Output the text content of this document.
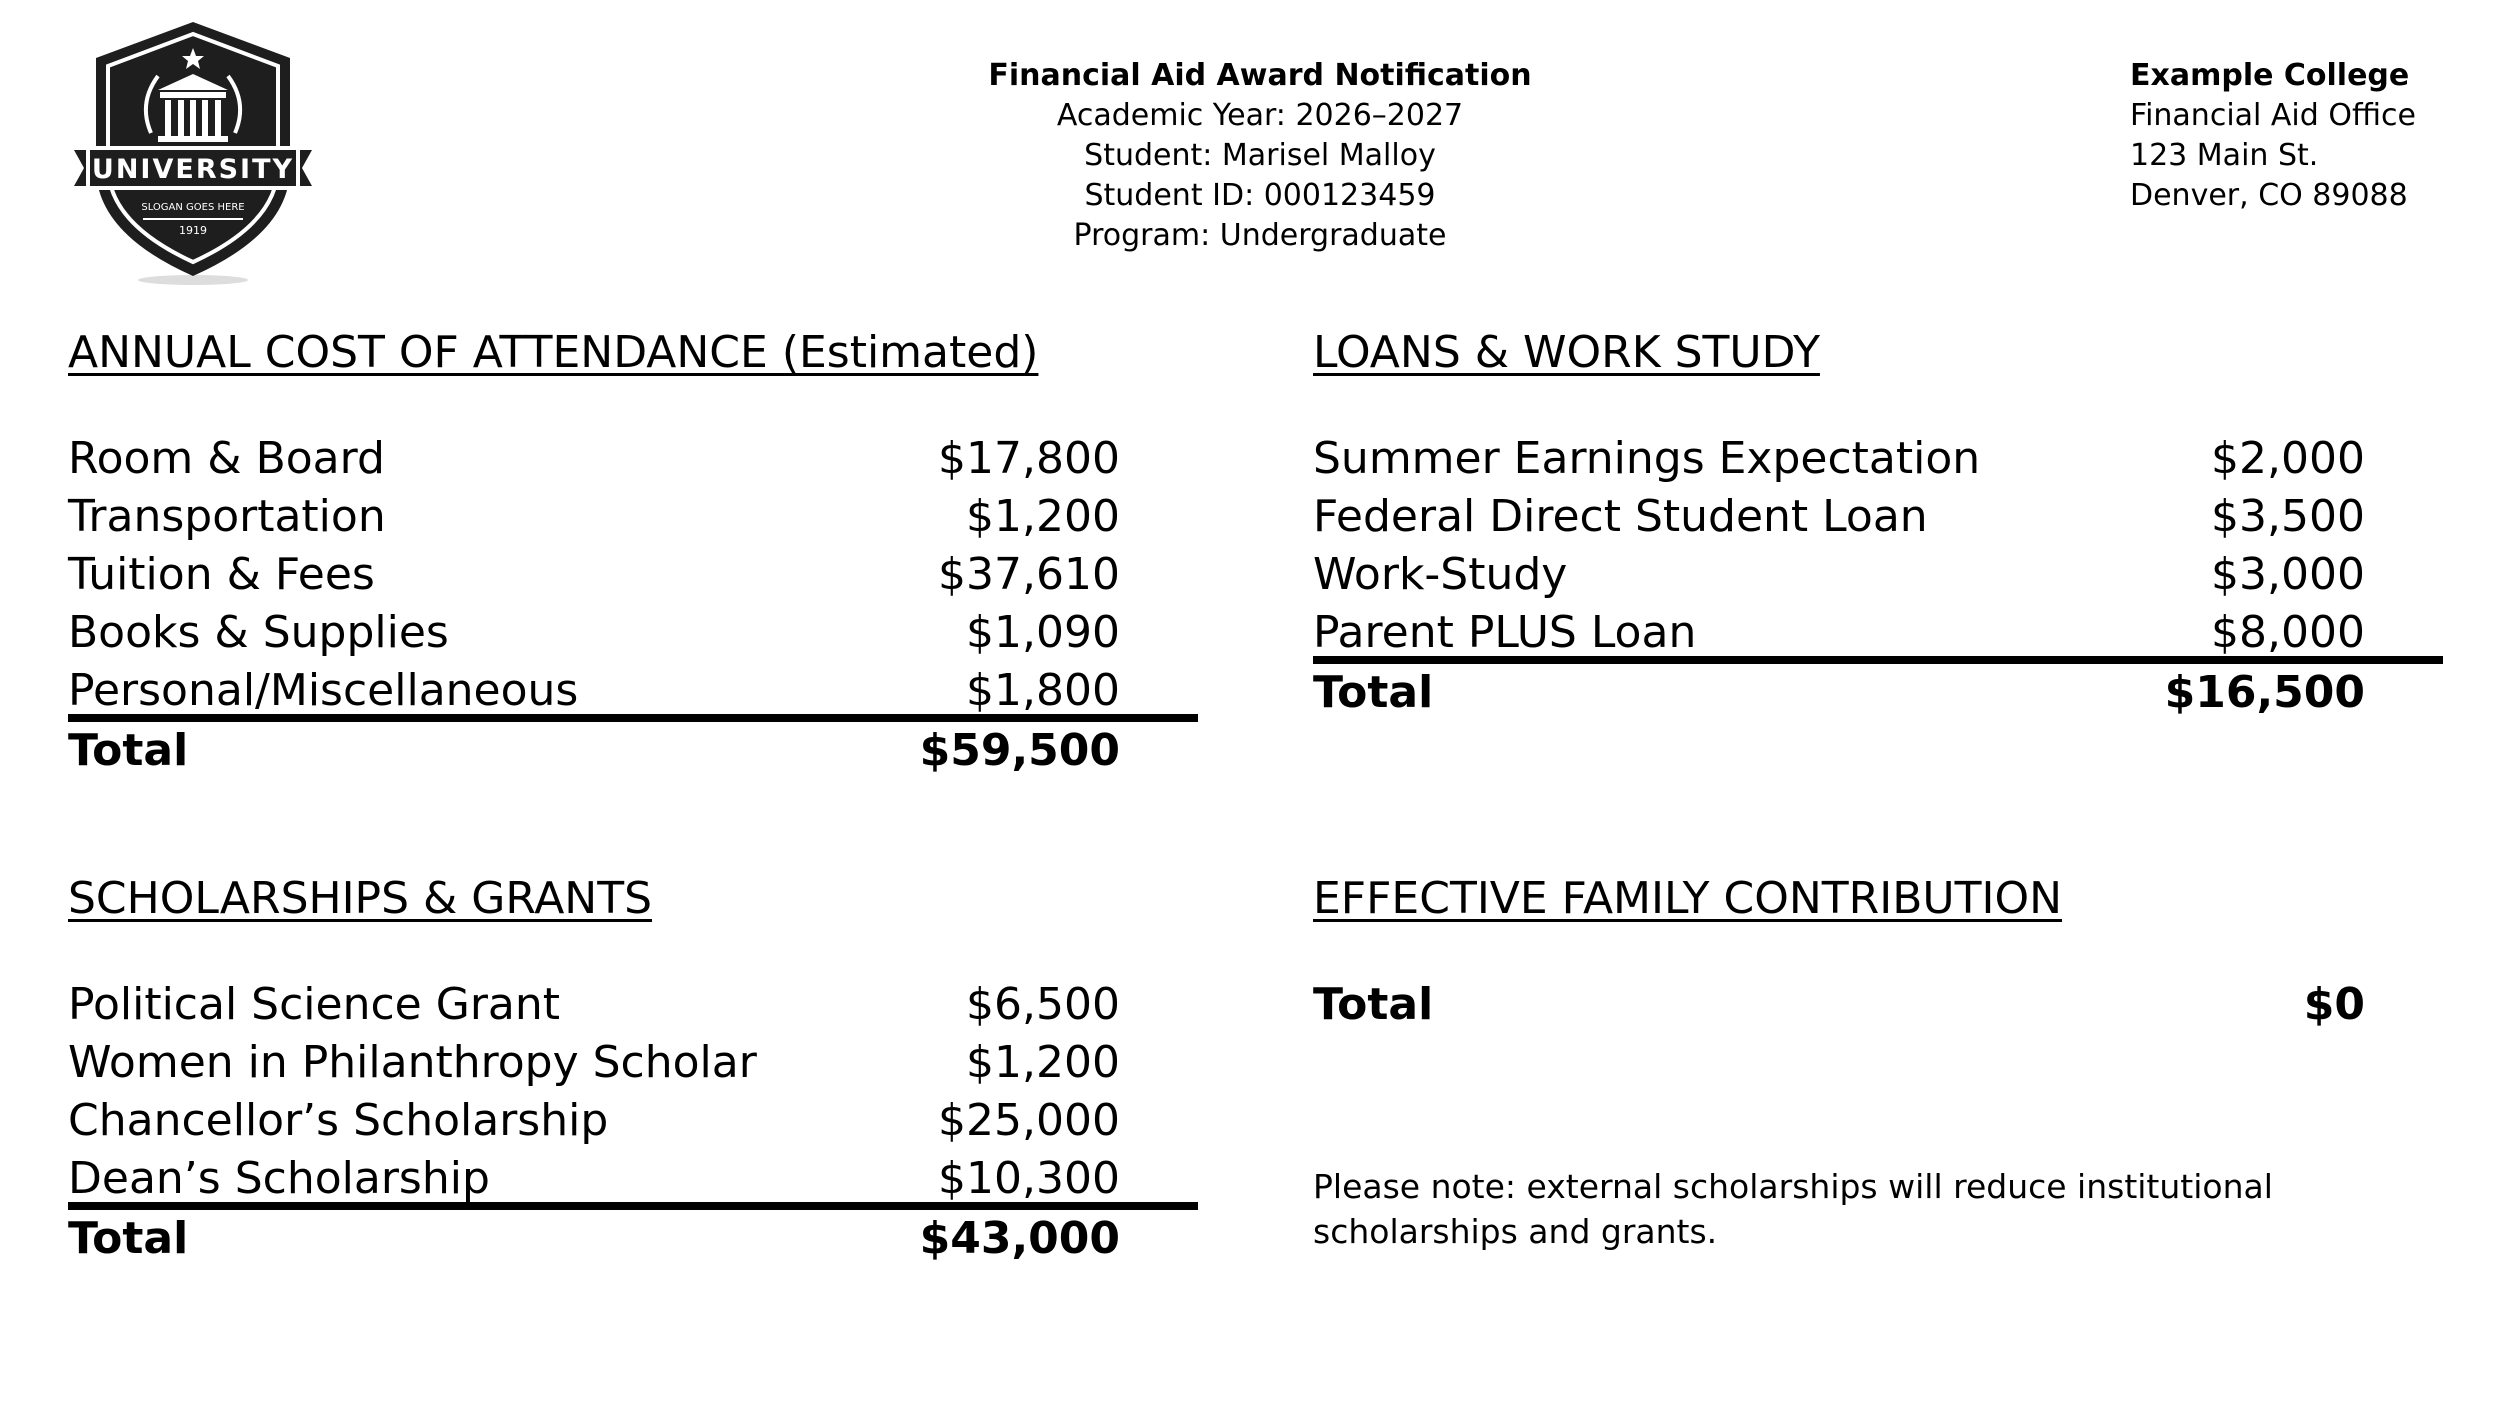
UNIVERSITY
SLOGAN GOES HERE
1919
Financial Aid Award Notification
Academic Year: 2026–2027
Student: Marisel Malloy
Student ID: 000123459
Program: Undergraduate
Example College
Financial Aid Office
123 Main St.
Denver, CO 89088
ANNUAL COST OF ATTENDANCE (Estimated)
Room & Board	$17,800
Transportation	$1,200
Tuition & Fees	$37,610
Books & Supplies	$1,090
Personal/Miscellaneous	$1,800
Total	$59,500
LOANS & WORK STUDY
Summer Earnings Expectation	$2,000
Federal Direct Student Loan	$3,500
Work-Study	$3,000
Parent PLUS Loan	$8,000
Total	$16,500
SCHOLARSHIPS & GRANTS
Political Science Grant	$6,500
Women in Philanthropy Scholar	$1,200
Chancellor’s Scholarship	$25,000
Dean’s Scholarship	$10,300
Total	$43,000
EFFECTIVE FAMILY CONTRIBUTION
Total	$0
Please note: external scholarships will reduce institutional scholarships and grants.
